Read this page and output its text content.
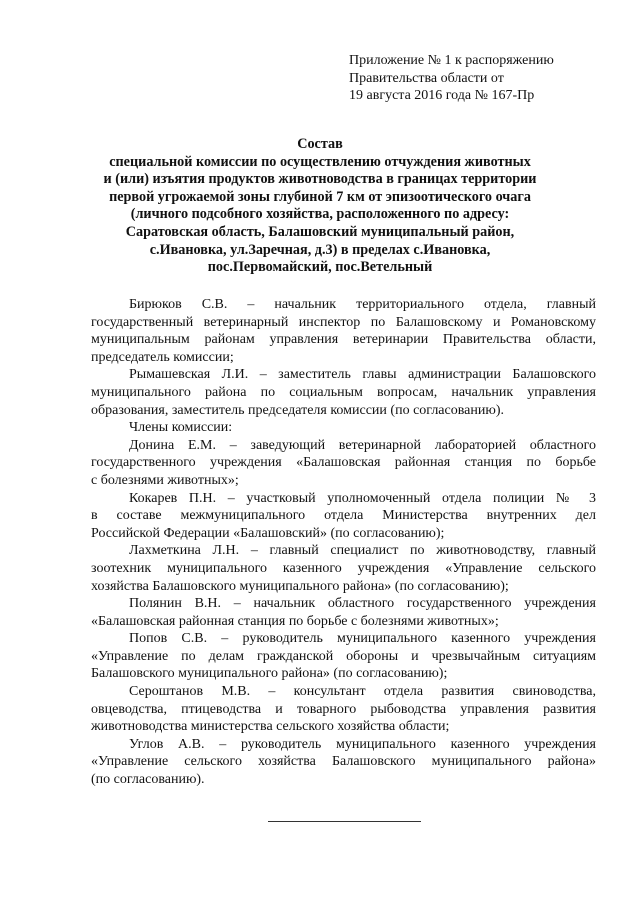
Приложение № 1 к распоряжению
Правительства области от
19 августа 2016 года № 167-Пр
Состав
специальной комиссии по осуществлению отчуждения животных
и (или) изъятия продуктов животноводства в границах территории
первой угрожаемой зоны глубиной 7 км от эпизоотического очага
(личного подсобного хозяйства, расположенного по адресу:
Саратовская область, Балашовский муниципальный район,
с.Ивановка, ул.Заречная, д.3) в пределах с.Ивановка,
пос.Первомайский, пос.Ветельный
Бирюков С.В. – начальник территориального отдела, главный
государственный ветеринарный инспектор по Балашовскому и Романовскому
муниципальным районам управления ветеринарии Правительства области,
председатель комиссии;
Рымашевская Л.И. – заместитель главы администрации Балашовского
муниципального района по социальным вопросам, начальник управления
образования, заместитель председателя комиссии (по согласованию).
Члены комиссии:
Донина Е.М. – заведующий ветеринарной лабораторией областного
государственного учреждения «Балашовская районная станция по борьбе
с болезнями животных»;
Кокарев П.Н. – участковый уполномоченный отдела полиции № 3
в составе межмуниципального отдела Министерства внутренних дел
Российской Федерации «Балашовский» (по согласованию);
Лахметкина Л.Н. – главный специалист по животноводству, главный
зоотехник муниципального казенного учреждения «Управление сельского
хозяйства Балашовского муниципального района» (по согласованию);
Полянин В.Н. – начальник областного государственного учреждения
«Балашовская районная станция по борьбе с болезнями животных»;
Попов С.В. – руководитель муниципального казенного учреждения
«Управление по делам гражданской обороны и чрезвычайным ситуациям
Балашовского муниципального района» (по согласованию);
Сероштанов М.В. – консультант отдела развития свиноводства,
овцеводства, птицеводства и товарного рыбоводства управления развития
животноводства министерства сельского хозяйства области;
Углов А.В. – руководитель муниципального казенного учреждения
«Управление сельского хозяйства Балашовского муниципального района»
(по согласованию).
